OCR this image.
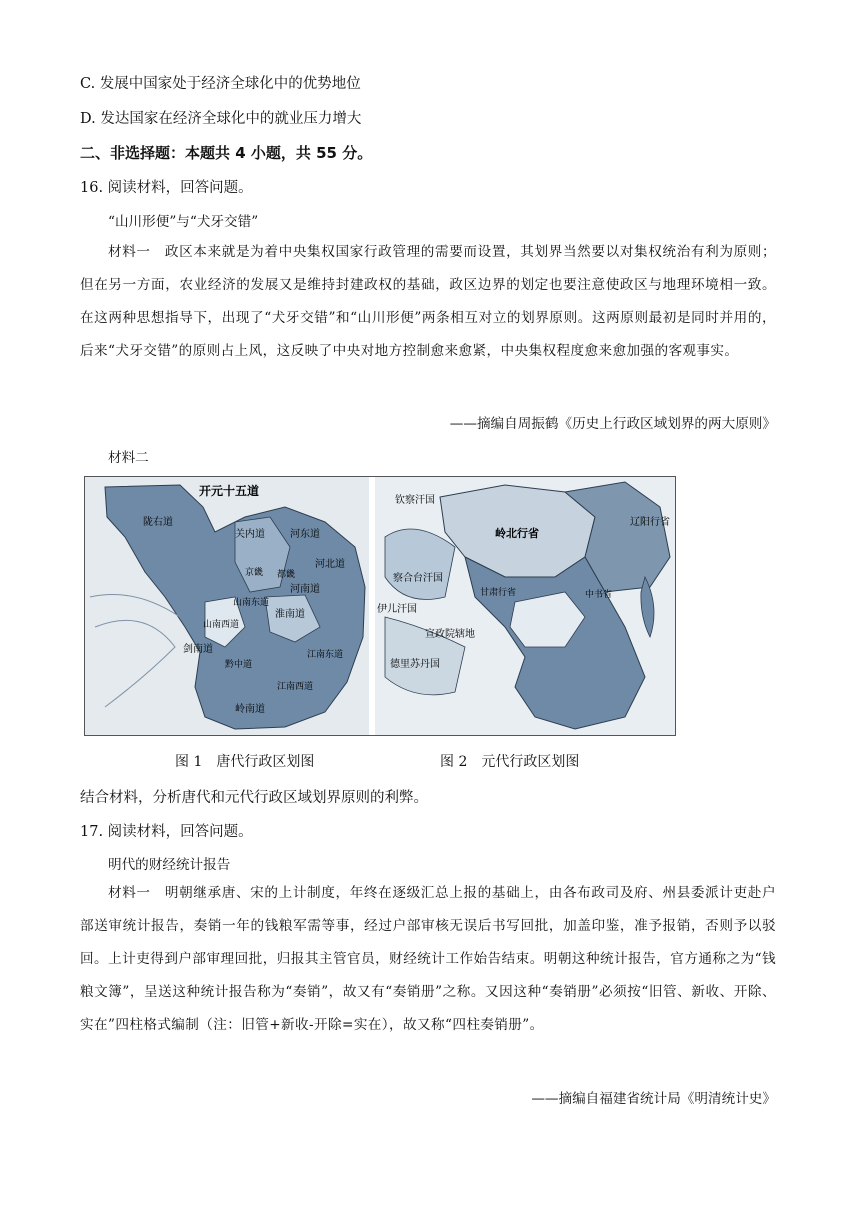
C. 发展中国家处于经济全球化中的优势地位
D. 发达国家在经济全球化中的就业压力增大
二、非选择题：本题共 4 小题，共 55 分。
16. 阅读材料，回答问题。
“山川形便”与“犬牙交错”
材料一　政区本来就是为着中央集权国家行政管理的需要而设置，其划界当然要以对集权统治有利为原则；但在另一方面，农业经济的发展又是维持封建政权的基础，政区边界的划定也要注意使政区与地理环境相一致。在这两种思想指导下，出现了“犬牙交错”和“山川形便”两条相互对立的划界原则。这两原则最初是同时并用的，后来“犬牙交错”的原则占上风，这反映了中央对地方控制愈来愈紧，中央集权程度愈来愈加强的客观事实。
——摘编自周振鹤《历史上行政区域划界的两大原则》
材料二
开元十五道
陇右道
关内道	河东道
河北道
河南道
山南东道
淮南道
剑南道	江南东道
江南西道
黔中道
岭南道
京畿 都畿
山南西道
钦察汗国
岭北行省
辽阳行省
察合台汗国
伊儿汗国
甘肃行省	中书省
宣政院辖地
德里苏丹国
图 1　唐代行政区划图	图 2　元代行政区划图
结合材料，分析唐代和元代行政区域划界原则的利弊。
17. 阅读材料，回答问题。
明代的财经统计报告
材料一　明朝继承唐、宋的上计制度，年终在逐级汇总上报的基础上，由各布政司及府、州县委派计吏赴户部送审统计报告，奏销一年的钱粮军需等事，经过户部审核无误后书写回批，加盖印鉴，准予报销，否则予以驳回。上计吏得到户部审理回批，归报其主管官员，财经统计工作始告结束。明朝这种统计报告，官方通称之为“钱粮文簿”，呈送这种统计报告称为“奏销”，故又有“奏销册”之称。又因这种“奏销册”必须按“旧管、新收、开除、实在”四柱格式编制（注：旧管+新收-开除=实在），故又称“四柱奏销册”。
——摘编自福建省统计局《明清统计史》
